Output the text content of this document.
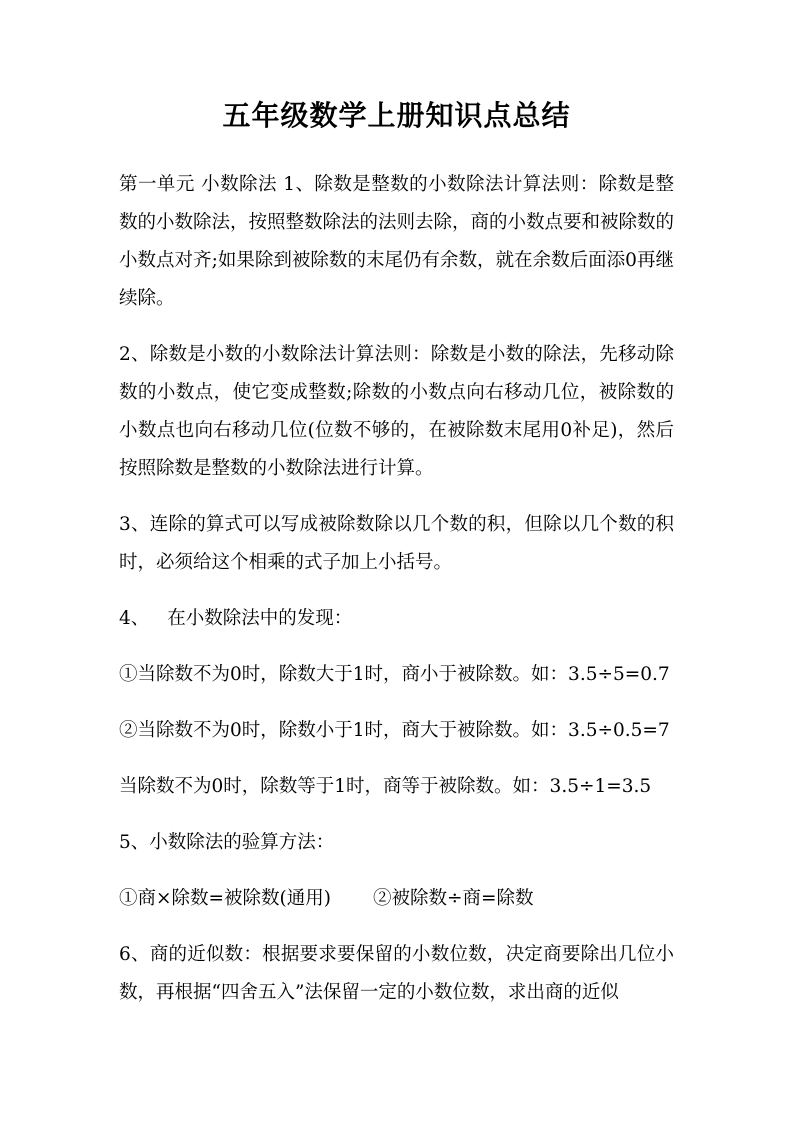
五年级数学上册知识点总结

第一单元 小数除法 1、除数是整数的小数除法计算法则：除数是整数的小数除法，按照整数除法的法则去除，商的小数点要和被除数的小数点对齐;如果除到被除数的末尾仍有余数，就在余数后面添0再继续除。

2、除数是小数的小数除法计算法则：除数是小数的除法，先移动除数的小数点，使它变成整数;除数的小数点向右移动几位，被除数的小数点也向右移动几位(位数不够的，在被除数末尾用0补足)，然后按照除数是整数的小数除法进行计算。

3、连除的算式可以写成被除数除以几个数的积，但除以几个数的积时，必须给这个相乘的式子加上小括号。

4、 在小数除法中的发现：

①当除数不为0时，除数大于1时，商小于被除数。如：3.5÷5=0.7

②当除数不为0时，除数小于1时，商大于被除数。如：3.5÷0.5=7

当除数不为0时，除数等于1时，商等于被除数。如：3.5÷1=3.5

5、小数除法的验算方法：

①商×除数=被除数(通用) ②被除数÷商=除数

6、商的近似数：根据要求要保留的小数位数，决定商要除出几位小数，再根据“四舍五入”法保留一定的小数位数，求出商的近似
